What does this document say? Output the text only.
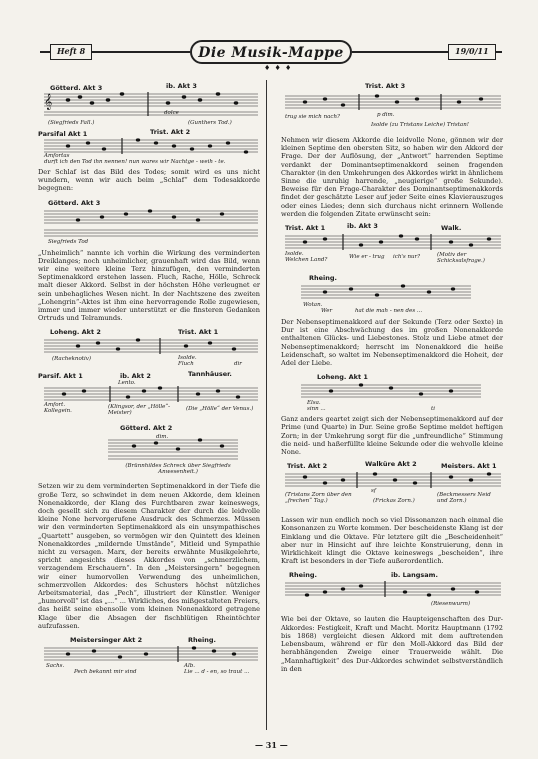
Heft 8	19/0/11
Die Musik-Mappe
♦ ♦ ♦
Götterd. Akt 3	ib. Akt 3
𝄞
(Siegfrieds Fall.)	(Gunthers Tod.)
dolce
Parsifal Akt 1	Trist. Akt 2
Amfortas
durft ich den Tod ihn nennen! nun wares wir Nachtge - weih - te.

Der Schlaf ist das Bild des Todes; somit wird es uns nicht wundern, wenn wir auch beim „Schlaf“ dem Todesakkorde begegnen:

Götterd. Akt 3
Siegfrieds Tod

„Unheimlich“ nannte ich vorhin die Wirkung des verminderten Dreiklanges; noch unheimlicher, grauenhaft wird das Bild, wenn wir eine weitere kleine Terz hinzufügen, den verminderten Septimenakkord erstehen lassen. Fluch, Rache, Hölle, Schreck malt dieser Akkord. Selbst in der höchsten Höhe verleugnet er sein unbehagliches Wesen nicht. In der Nachtszene des zweiten „Lohengrin“-Aktes ist ihm eine hervorragende Rolle zugewiesen, immer und immer wieder unterstützt er die finsteren Gedanken Ortruds und Telramunds.

Loheng. Akt 2	Trist. Akt 1
(Racheknotiv)	Isolde.
Fluch	dir
Parsif. Akt 1	ib. Akt 2	Tannhäuser.
Lento.
Amfort.
Kollegein.
(Klingsor, der „Hölle“-Meister)
(Die „Hölle“ der Venus.)
Götterd. Akt 2
dim.
(Brünnhildes Schreck über Siegfrieds Anwesenheit.)

Setzen wir zu dem verminderten Septimenakkord in der Tiefe die große Terz, so schwindet in dem neuen Akkorde, dem kleinen Nonenakkorde, der Klang des Furchtbaren zwar keineswegs, doch gesellt sich zu diesem Charakter der durch die leidvolle kleine None hervorgerufene Ausdruck des Schmerzes. Müssen wir den verminderten Septimenakkord als ein unsympathisches „Quartett“ ausgeben, so vermögen wir den Quintett des kleinen Nonenakkordes „mildernde Umstände“, Mitleid und Sympathie nicht zu versagen. Marx, der bereits erwähnte Musikgelehrte, spricht angesichts dieses Akkordes von „schmerzlichem, verzagendem Erschauern“. In den „Meistersingern“ begegnen wir einer humorvollen Verwendung des unheimlichen, schmerzvollen Akkordes: des Schusters höchst nützliches Arbeitsmaterial, das „Pech“, illustriert der Künstler. Weniger „humorvoll“ ist das „...“ ... Wirkliches, des mißgestalteten Freiers, das heißt seine ebensolle vom kleinen Nonenakkord getragene Klage über die Absagen der fischblütigen Rheintöchter aufzufassen.

Meistersinger Akt 2	Rheing.
Sachs.
Pech bekannt mir sind
Alb.
Lie ... d - en, so traut ...
Trist. Akt 3
trug sie mich nach?	p dim.
Isolde (zu Tristans Leiche) Tristan!

Nehmen wir diesem Akkorde die leidvolle None, gönnen wir der kleinen Septime den obersten Sitz, so haben wir den Akkord der Frage. Der der Auflösung, der „Antwort“ harrenden Septime verdankt der Dominantseptimenakkord seinen fragenden Charakter (in den Umkehrungen des Akkordes wirkt in ähnlichem Sinne die unruhig harrende, „neugierige“ große Sekunde). Beweise für den Frage-Charakter des Dominantseptimenakkords findet der geschätzte Leser auf jeder Seite eines Klavierauszuges oder eines Liedes; denn sich durchaus nicht erinnern Wollende werden die folgenden Zitate erwünscht sein:

Trist. Akt 1	ib. Akt 3	Walk.
Isolde.
Welchen Land?	Wie er - trug ich's nur?	(Motiv der Schicksalsfrage.)
Rheing.
Wotan.
Wer	hat die mah - nen des ...

Der Nebenseptimenakkord auf der Sekunde (Terz oder Sexte) in Dur ist eine Abschwächung des im großen Nonenakkorde enthaltenen Glücks- und Liebestones. Stolz und Liebe atmet der Nebenseptimenakkord; herrscht im Nonenakkord die heiße Leidenschaft, so waltet im Nebenseptimenakkord die Hoheit, der Adel der Liebe.

Loheng. Akt 1
Elsa.
sinn ...	ti

Ganz anders geartet zeigt sich der Nebenseptimenakkord auf der Prime (und Quarte) in Dur. Seine große Septime meldet heftigen Zorn; in der Umkehrung sorgt für die „unfreundliche“ Stimmung die neid- und haßerfüllte kleine Sekunde oder die wehvolle kleine None.

Trist. Akt 2	Walküre Akt 2	Meisters. Akt 1
sf
(Tristans Zorn über den „frechen“ Tag.)	(Frickas Zorn.)
(Beckmessers Neid und Zorn.)

Lassen wir nun endlich noch so viel Dissonanzen nach einmal die Konsonanzen zu Worte kommen. Der bescheidenste Klang ist der Einklang und die Oktave. Für letztere gilt die „Bescheidenheit“ aber nur in Hinsicht auf ihre leichte Konstruierung, denn in Wirklichkeit klingt die Oktave keineswegs „bescheiden“, ihre Kraft ist besonders in der Tiefe außerordentlich.

Rheing.	ib. Langsam.
(Riesenwurm)

Wie bei der Oktave, so lauten die Haupteigenschaften des Dur-Akkordes: Festigkeit, Kraft und Macht. Moritz Hauptmann (1792 bis 1868) vergleicht diesen Akkord mit dem auftretenden Lebensbaum, während er für den Moll-Akkord das Bild der herabhängenden Zweige einer Trauerweide wählt. Die „Mannhaftigkeit“ des Dur-Akkordes schwindet selbstverständlich in den

— 31 —
